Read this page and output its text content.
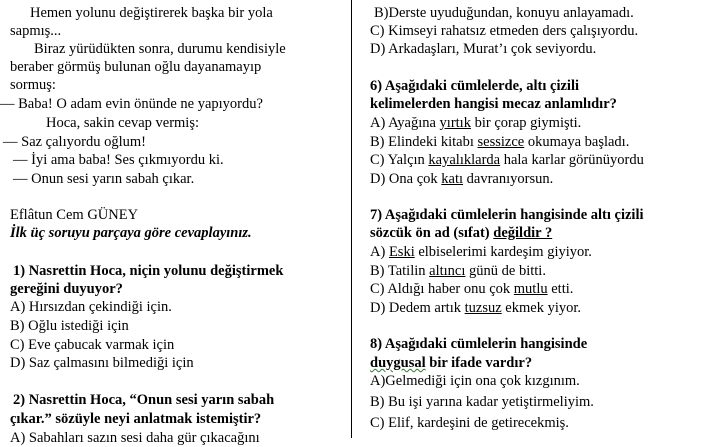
Hemen yolunu değiştirerek başka bir yola
sapmış...
Biraz yürüdükten sonra, durumu kendisiyle
beraber görmüş bulunan oğlu dayanamayıp
sormuş:
— Baba! O adam evin önünde ne yapıyordu?
Hoca, sakin cevap vermiş:
— Saz çalıyordu oğlum!
— İyi ama baba! Ses çıkmıyordu ki.
— Onun sesi yarın sabah çıkar.
Eflâtun Cem GÜNEY
İlk üç soruyu parçaya göre cevaplayınız.
1) Nasrettin Hoca, niçin yolunu değiştirmek
gereğini duyuyor?
A) Hırsızdan çekindiği için.
B) Oğlu istediği için
C) Eve çabucak varmak için
D) Saz çalmasını bilmediği için
2) Nasrettin Hoca, “Onun sesi yarın sabah
çıkar.” sözüyle neyi anlatmak istemiştir?
A) Sabahları sazın sesi daha gür çıkacağını
B)Derste uyuduğundan, konuyu anlayamadı.
C) Kimseyi rahatsız etmeden ders çalışıyordu.
D) Arkadaşları, Murat’ı çok seviyordu.
6) Aşağıdaki cümlelerde, altı çizili
kelimelerden hangisi mecaz anlamlıdır?
A) Ayağına yırtık bir çorap giymişti.
B) Elindeki kitabı sessizce okumaya başladı.
C) Yalçın kayalıklarda hala karlar görünüyordu
D) Ona çok katı davranıyorsun.
7) Aşağıdaki cümlelerin hangisinde altı çizili
sözcük ön ad (sıfat) değildir ?
A) Eski elbiselerimi kardeşim giyiyor.
B) Tatilin altıncı günü de bitti.
C) Aldığı haber onu çok mutlu etti.
D) Dedem artık tuzsuz ekmek yiyor.
8) Aşağıdaki cümlelerin hangisinde
duygusal bir ifade vardır?
A)Gelmediği için ona çok kızgınım.
B) Bu işi yarına kadar yetiştirmeliyim.
C) Elif, kardeşini de getirecekmiş.
